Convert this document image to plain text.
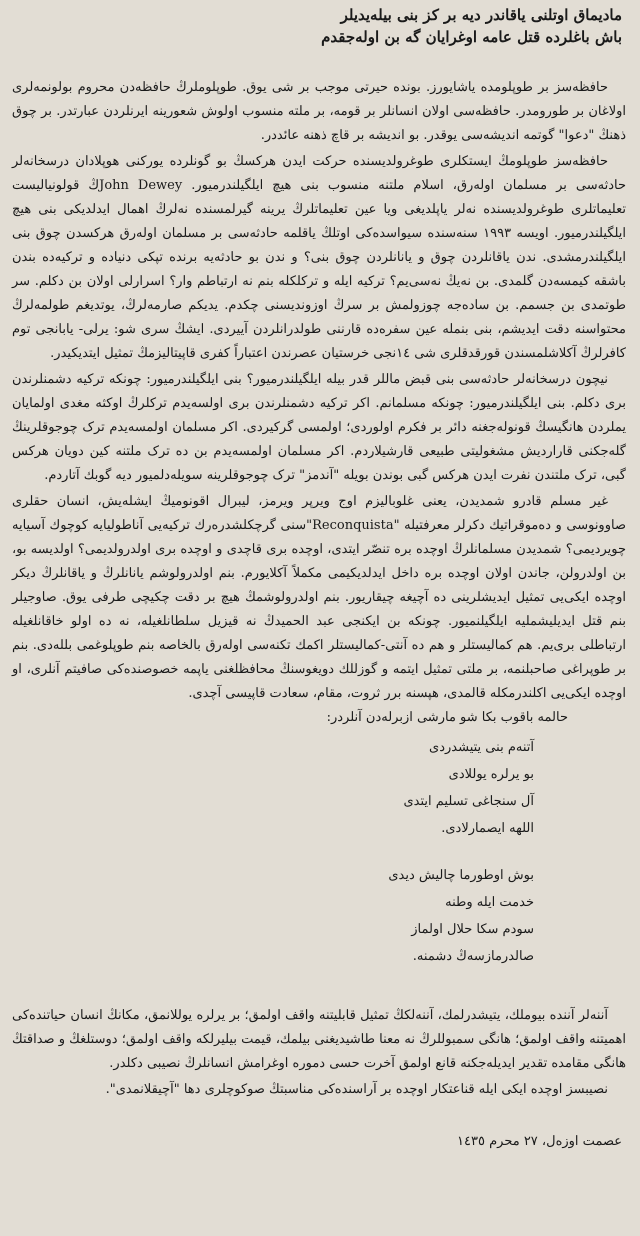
مادیماق اوتلنی یاقاندر دیه بر کز بنی بیله‌یدیلر
باش باغلرده قتل عامه اوغرایان گه بن اوله‌جقدم

حافظه‌سز بر طوپلومده یاشایورز. بونده حیرتی موجب بر شی یوق. طوپلوملرڭ حافظه‌دن محروم بولونمه‌لری اولاغان بر طورومدر. حافظه‌سی اولان انسانلر بر قومه، بر ملته منسوب اولوش شعورینه ایرنلردن عبارتدر. بر چوق ذهنڭ "دعوا" گوتمه اندیشه‌سی یوقدر. بو اندیشه بر قاچ ذهنه عائددر.

حافظه‌سز طوپلومڭ ایستکلری طوغرولدیسنده حرکت ایدن هرکسڭ بو گونلرده یورکنی هوپلادان درسخانه‌لر حادثه‌سی بر مسلمان اولەرق، اسلام ملتنه منسوب بنی هیچ ایلگیلندرمیور. John Deweyڭ قولونیالیست تعلیماتلری طوغرولدیسنده نەلر یاپلدیغی ویا عین تعلیماتلرڭ یرینه گیرلمسنده نەلرڭ اهمال ایدلدیکی بنی هیچ ایلگیلندرمیور. اویسه ۱۹۹۳ سنه‌سنده سیواسده‌کی اوتلڭ یاقلمه حادثه‌سی بر مسلمان اولەرق هرکسدن چوق بنی ایلگیلندرمشدی. ندن یاقانلردن چوق و یانانلردن چوق بنی؟ و ندن بو حادثه‌یه برنده تپکی دنیاده و ترکیه‌ده بندن باشقه کیمسه‌دن گلمدی. بن نەیڭ نەسی‌یم؟ ترکیه ایله و ترکلکله بنم نه ارتباطم وار؟ اسرارلی اولان بن دکلم. سر طوتمدی بن جسمم. بن ساده‌جه چوزولمش بر سرڭ اوزوندیسنی چکدم. یدیکم صارمه‌لرڭ، یوتدیغم طولمه‌لرڭ محتواسنه دقت ایدیشم، بنی بنمله عین سفره‌ده قارننی طولدرانلردن آییردی. ایشڭ سری شو: یرلی- یابانجی توم کافرلرڭ آکلاشلمسندن قورقدقلری شی ۱٤نجی خرستیان عصرندن اعتباراً کفری قاپیتالیزمڭ تمثیل ایتدیکیدر.

نیچون درسخانه‌لر حادثه‌سی بنی قبض ماللر قدر بیله ایلگیلندرمیور؟ بنی ایلگیلندرمیور: چونکه ترکیه دشمنلرندن بری دکلم. بنی ایلگیلندرمیور: چونکه مسلمانم. اکر ترکیه دشمنلرندن بری اولسه‌یدم ترکلرڭ اوکثه مغدی اولمایان یملردن هانگیسڭ قونوله‌جغنه دائر بر فکرم اولوردی؛ اولمسی گرکیردی. اکر مسلمان اولمسه‌یدم ترک چوجوقلرینڭ گله‌جکنی قارارديش مشغولیتی طبیعی قارشیلاردم. اکر مسلمان اولمسه‌یدم بن ده ترک ملتنه کین دویان هرکس گبی، ترک ملتندن نفرت ایدن هرکس گبی بوندن بویله "آندمز" ترک چوجوقلرینه سویله‌دلمیور دیه گوبك آتاردم.

غیر مسلم قادرو شمدیدن، یعنی غلوبالیزم اوج ویرپر ویرمز، لیبرال اقونومیڭ ایشله‌یش، انسان حقلری صاوونوسی و ده‌موقراتیك دکرلر معرفتیله "Reconquista"سنی گرچکلشدره‌رك ترکیه‌یی آناطولیایه کوچوك آسیایه چویردیمی؟ شمدیدن مسلمانلرڭ اوچده بره تنصّر ایتدی، اوچده بری قاچدی و اوچده بری اولدرولدیمی؟ اولدیسه بو، بن اولدرولن، جاندن اولان اوچده بره داخل ایدلدیکیمی مکملاً آکلایورم. بنم اولدرولوشم یانانلرڭ و یاقانلرڭ دیکر اوچده ایکی‌یی تمثیل ایدیشلرینی ده آچیغه چیقاریور. بنم اولدرولوشمڭ هیچ بر دقت چکیچی طرفی یوق. صاوجیلر بنم قتل ایدیلیشملیه ایلگیلنمیور. چونکه بن ایکنجی عبد الحمیدڭ نه قیزیل سلطانلغیله، نه ده اولو خاقانلغیله ارتباطلی بری‌یم. هم کمالیستلر و هم ده آنتی-کمالیستلر اکمك تکنه‌سی اولەرق بالخاصه بنم طوپلوغمی بللەدی. بنم بر طوپراغی صاحبلنمه، بر ملتی تمثیل ایتمه و گوزللك دویغوسنڭ محافظلغنی یاپمه خصوصنده‌کی صافیتم آنلری، او اوچده ایکی‌یی اکلندرمکله قالمدی، هپسنه برر ثروت، مقام، سعادت قاپیسی آچدی.

حالمه باقوب بکا شو مارشی ازبرله‌دن آنلردر:

آتنەم بنی یتیشدردی
بو یرلره یوللادی
آل سنجاغی تسلیم ایتدی
اللهه ایصمارلادی.
بوش اوطورما چالیش دیدی
خدمت ایله وطنه
سودم سکا حلال اولماز
صالدرمازسه‌ڭ دشمنه.

آننەلر آننده بیوملك، یتیشدرلمك، آننەلكڭ تمثیل قابلیتنه واقف اولمق؛ بر یرلره یوللانمق، مکانڭ انسان حیاتنده‌کی اهمیتنه واقف اولمق؛ هانگی سمبوللرڭ نه معنا طاشیدیغنی بیلمك، قیمت بیلیرلکه واقف اولمق؛ دوستلغڭ و صداقتڭ هانگی مقامده تقدیر ایدیله‌جکنه قانع اولمق آخرت حسی دموره اوغرامش انسانلرڭ نصیبی دکلدر.

نصیبسز اوچده ایکی ایله قناعتکار اوچده بر آراسنده‌کی مناسبتڭ صوکوچلری دها "آچیقلانمدی".

عصمت اوزەل، ۲۷ محرم ۱٤۳٥
